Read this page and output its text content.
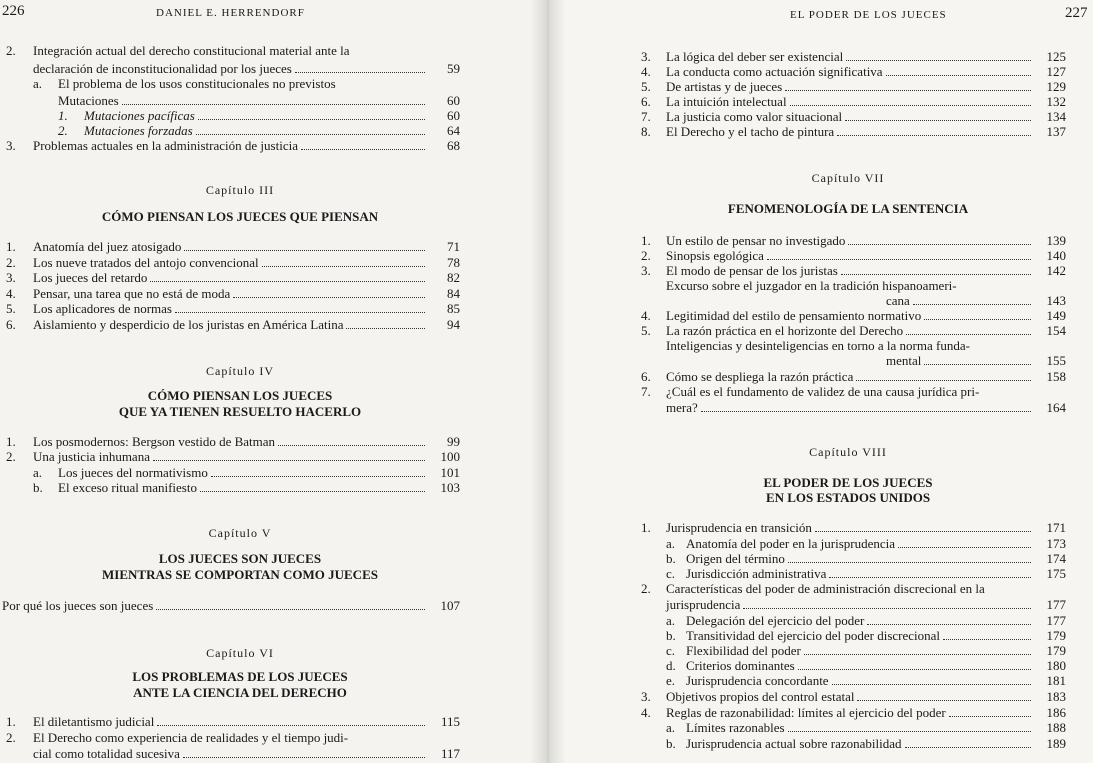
226	DANIEL E. HERRENDORF
2. Integración actual del derecho constitucional material ante la
declaración de inconstitucionalidad por los jueces	59
a. El problema de los usos constitucionales no previstos
Mutaciones	60
1. Mutaciones pacíficas	60
2. Mutaciones forzadas	64
3. Problemas actuales en la administración de justicia	68
Capítulo III
CÓMO PIENSAN LOS JUECES QUE PIENSAN
1. Anatomía del juez atosigado	71
2. Los nueve tratados del antojo convencional	78
3. Los jueces del retardo	82
4. Pensar, una tarea que no está de moda	84
5. Los aplicadores de normas	85
6. Aislamiento y desperdicio de los juristas en América Latina	94
Capítulo IV
CÓMO PIENSAN LOS JUECES
QUE YA TIENEN RESUELTO HACERLO
1. Los posmodernos: Bergson vestido de Batman	99
2. Una justicia inhumana	100
a. Los jueces del normativismo	101
b. El exceso ritual manifiesto	103
Capítulo V
LOS JUECES SON JUECES
MIENTRAS SE COMPORTAN COMO JUECES
Por qué los jueces son jueces	107
Capítulo VI
LOS PROBLEMAS DE LOS JUECES
ANTE LA CIENCIA DEL DERECHO
1. El diletantismo judicial	115
2. El Derecho como experiencia de realidades y el tiempo judi-
cial como totalidad sucesiva	117
EL PODER DE LOS JUECES	227
3. La lógica del deber ser existencial	125
4. La conducta como actuación significativa	127
5. De artistas y de jueces	129
6. La intuición intelectual	132
7. La justicia como valor situacional	134
8. El Derecho y el tacho de pintura	137
Capítulo VII
FENOMENOLOGÍA DE LA SENTENCIA
1. Un estilo de pensar no investigado	139
2. Sinopsis egológica	140
3. El modo de pensar de los juristas	142
Excurso sobre el juzgador en la tradición hispanoameri-
cana	143
4. Legitimidad del estilo de pensamiento normativo	149
5. La razón práctica en el horizonte del Derecho	154
Inteligencias y desinteligencias en torno a la norma funda-
mental	155
6. Cómo se despliega la razón práctica	158
7. ¿Cuál es el fundamento de validez de una causa jurídica pri-
mera?	164
Capítulo VIII
EL PODER DE LOS JUECES
EN LOS ESTADOS UNIDOS
1. Jurisprudencia en transición	171
a. Anatomía del poder en la jurisprudencia	173
b. Origen del término	174
c. Jurisdicción administrativa	175
2. Características del poder de administración discrecional en la
jurisprudencia	177
a. Delegación del ejercicio del poder	177
b. Transitividad del ejercicio del poder discrecional	179
c. Flexibilidad del poder	179
d. Criterios dominantes	180
e. Jurisprudencia concordante	181
3. Objetivos propios del control estatal	183
4. Reglas de razonabilidad: límites al ejercicio del poder	186
a. Límites razonables	188
b. Jurisprudencia actual sobre razonabilidad	189
